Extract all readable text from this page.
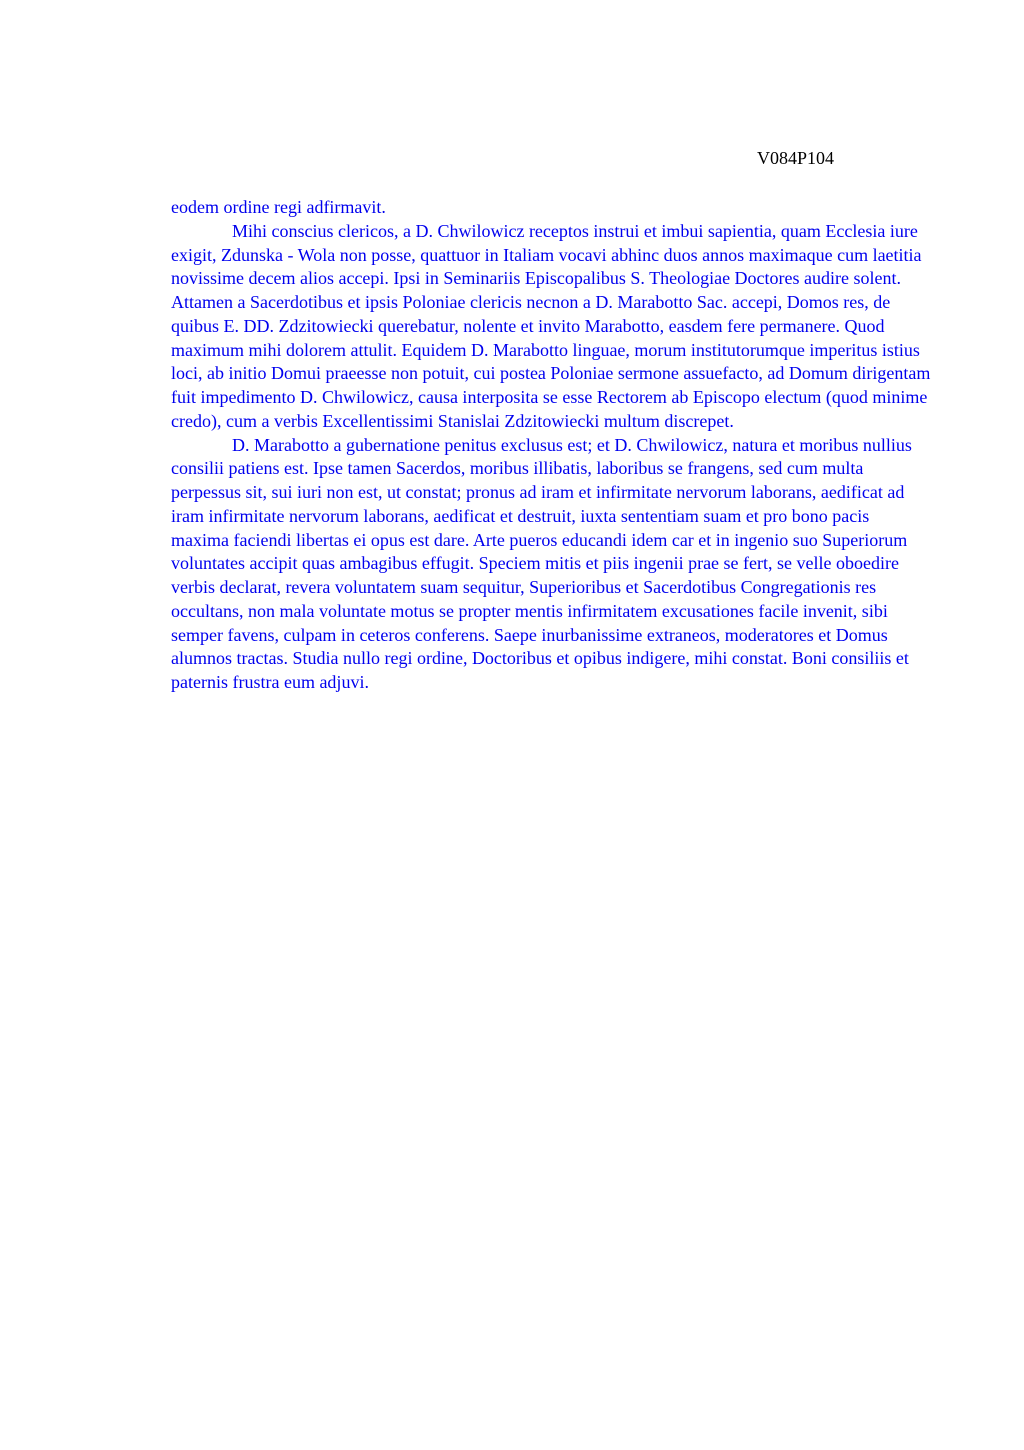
V084P104

eodem ordine regi adfirmavit.

Mihi conscius clericos, a D. Chwilowicz receptos instrui et imbui sapientia, quam Ecclesia iure exigit, Zdunska - Wola non posse, quattuor in Italiam vocavi abhinc duos annos maximaque cum laetitia novissime decem alios accepi. Ipsi in Seminariis Episcopalibus S. Theologiae Doctores audire solent. Attamen a Sacerdotibus et ipsis Poloniae clericis necnon a D. Marabotto Sac. accepi, Domos res, de quibus E. DD. Zdzitowiecki querebatur, nolente et invito Marabotto, easdem fere permanere. Quod maximum mihi dolorem attulit. Equidem D. Marabotto linguae, morum institutorumque imperitus istius loci, ab initio Domui praeesse non potuit, cui postea Poloniae sermone assuefacto, ad Domum dirigentam fuit impedimento D. Chwilowicz, causa interposita se esse Rectorem ab Episcopo electum (quod minime credo), cum a verbis Excellentissimi Stanislai Zdzitowiecki multum discrepet.

D. Marabotto a gubernatione penitus exclusus est; et D. Chwilowicz, natura et moribus nullius consilii patiens est. Ipse tamen Sacerdos, moribus illibatis, laboribus se frangens, sed cum multa perpessus sit, sui iuri non est, ut constat; pronus ad iram et infirmitate nervorum laborans, aedificat ad iram infirmitate nervorum laborans, aedificat et destruit, iuxta sententiam suam et pro bono pacis maxima faciendi libertas ei opus est dare. Arte pueros educandi idem car et in ingenio suo Superiorum voluntates accipit quas ambagibus effugit. Speciem mitis et piis ingenii prae se fert, se velle oboedire verbis declarat, revera voluntatem suam sequitur, Superioribus et Sacerdotibus Congregationis res occultans, non mala voluntate motus se propter mentis infirmitatem excusationes facile invenit, sibi semper favens, culpam in ceteros conferens. Saepe inurbanissime extraneos, moderatores et Domus alumnos tractas. Studia nullo regi ordine, Doctoribus et opibus indigere, mihi constat. Boni consiliis et paternis frustra eum adjuvi.
